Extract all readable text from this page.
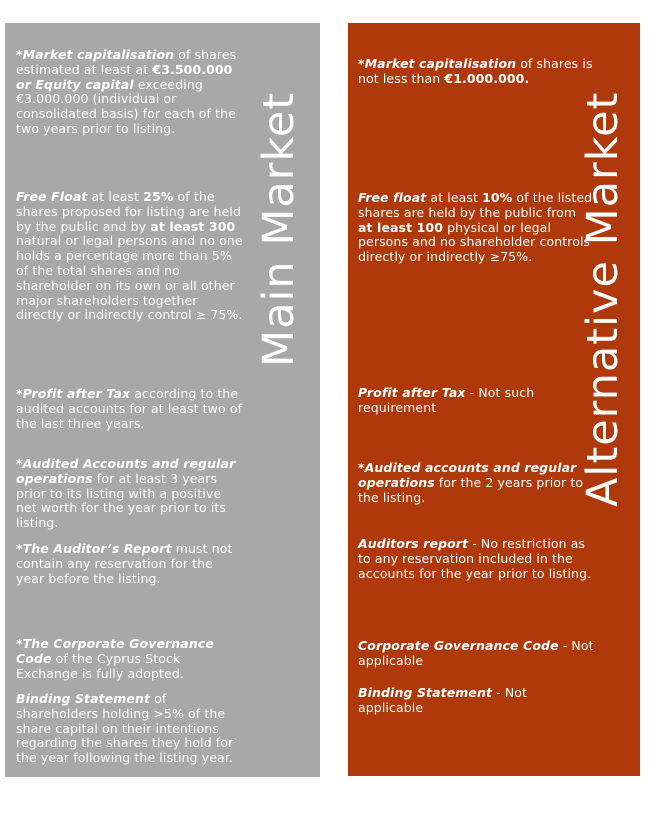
*Market capitalisation of shares estimated at least at €3.500.000 or Equity capital exceeding €3.000.000 (individual or consolidated basis) for each of the two years prior to listing.
Free Float at least 25% of the shares proposed for listing are held by the public and by at least 300 natural or legal persons and no one holds a percentage more than 5% of the total shares and no shareholder on its own or all other major shareholders together directly or indirectly control ≥ 75%.
*Profit after Tax according to the audited accounts for at least two of the last three years.
*Audited Accounts and regular operations for at least 3 years prior to its listing with a positive net worth for the year prior to its listing.
*The Auditor’s Report must not contain any reservation for the year before the listing.
*The Corporate Governance Code of the Cyprus Stock Exchange is fully adopted.
Binding Statement of shareholders holding >5% of the share capital on their intentions regarding the shares they hold for the year following the listing year.
Main Market
*Market capitalisation of shares is not less than €1.000.000.
Free float at least 10% of the listed shares are held by the public from at least 100 physical or legal persons and no shareholder controls directly or indirectly ≥75%.
Profit after Tax - Not such requirement
*Audited accounts and regular operations for the 2 years prior to the listing.
Auditors report - No restriction as to any reservation included in the accounts for the year prior to listing.
Corporate Governance Code - Not applicable
Binding Statement - Not applicable
Alternative Market
